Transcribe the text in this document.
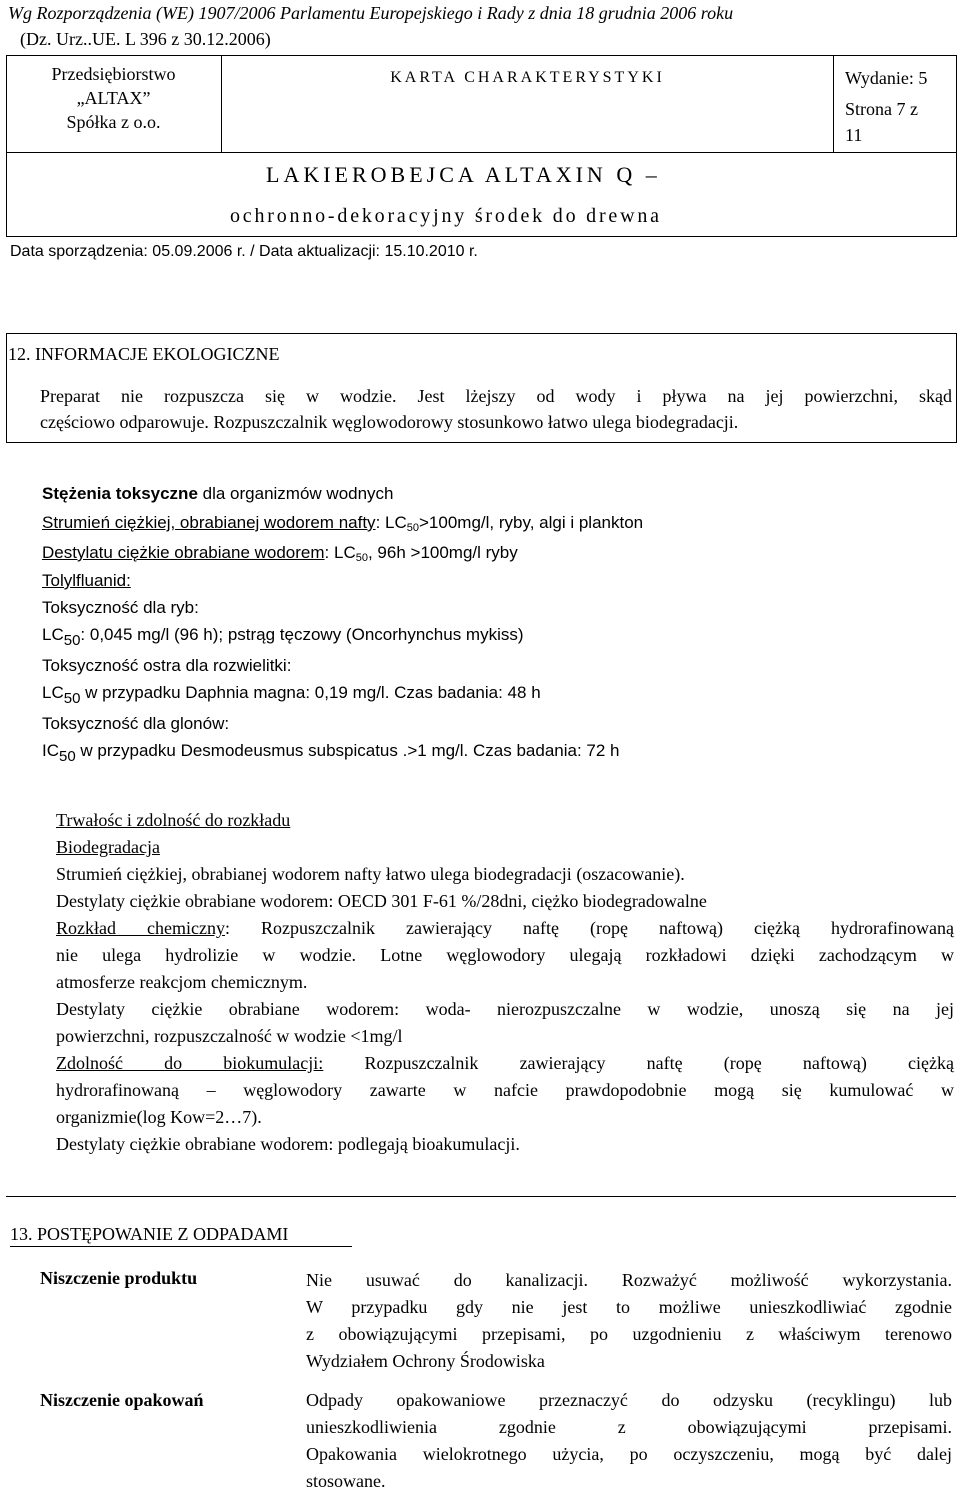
Wg Rozporządzenia (WE) 1907/2006 Parlamentu Europejskiego i Rady z dnia 18 grudnia 2006 roku
(Dz. Urz..UE. L 396 z 30.12.2006)
Przedsiębiorstwo
„ALTAX”
Spółka z o.o.
KARTA CHARAKTERYSTYKI	Wydanie: 5
Strona 7 z
11
LAKIEROBEJCA ALTAXIN Q –
ochronno-dekoracyjny środek do drewna
Data sporządzenia: 05.09.2006 r. / Data aktualizacji: 15.10.2010 r.
12. INFORMACJE EKOLOGICZNE
Preparat nie rozpuszcza się w wodzie. Jest lżejszy od wody i pływa na jej powierzchni, skąd
częściowo odparowuje. Rozpuszczalnik węglowodorowy stosunkowo łatwo ulega biodegradacji.
Stężenia toksyczne dla organizmów wodnych
Strumień ciężkiej, obrabianej wodorem nafty: $LC_{50}>100mg/l$, ryby, algi i plankton
Destylatu ciężkie obrabiane wodorem: $LC_{50}$, 96h >100mg/l ryby
Tolylfluanid:
Toksyczność dla ryb:
$LC_{50}$: 0,045 mg/l (96 h); pstrąg tęczowy (Oncorhynchus mykiss)
Toksyczność ostra dla rozwielitki:
$LC_{50}$ w przypadku Daphnia magna: 0,19 mg/l. Czas badania: 48 h
Toksyczność dla glonów:
$IC_{50}$ w przypadku Desmodeusmus subspicatus .>1 mg/l. Czas badania: 72 h
Trwałośc i zdolność do rozkładu
Biodegradacja
Strumień ciężkiej, obrabianej wodorem nafty łatwo ulega biodegradacji (oszacowanie).
Destylaty ciężkie obrabiane wodorem: OECD 301 F-61 %/28dni, ciężko biodegradowalne
Rozkład chemiczny: Rozpuszczalnik zawierający naftę (ropę naftową) ciężką hydrorafinowaną
nie ulega hydrolizie w wodzie. Lotne węglowodory ulegają rozkładowi dzięki zachodzącym w
atmosferze reakcjom chemicznym.
Destylaty ciężkie obrabiane wodorem: woda- nierozpuszczalne w wodzie, unoszą się na jej
powierzchni, rozpuszczalność w wodzie <1mg/l
Zdolność do biokumulacji: Rozpuszczalnik zawierający naftę (ropę naftową) ciężką
hydrorafinowaną – węglowodory zawarte w nafcie prawdopodobnie mogą się kumulować w
organizmie(log Kow=2…7).
Destylaty ciężkie obrabiane wodorem: podlegają bioakumulacji.
13. POSTĘPOWANIE Z ODPADAMI
Niszczenie produktu	Nie usuwać do kanalizacji. Rozważyć możliwość wykorzystania.
W przypadku gdy nie jest to możliwe unieszkodliwiać zgodnie
z obowiązującymi przepisami, po uzgodnieniu z właściwym terenowo
Wydziałem Ochrony Środowiska
Niszczenie opakowań	Odpady opakowaniowe przeznaczyć do odzysku (recyklingu) lub
unieszkodliwienia zgodnie z obowiązującymi przepisami.
Opakowania wielokrotnego użycia, po oczyszczeniu, mogą być dalej
stosowane.
